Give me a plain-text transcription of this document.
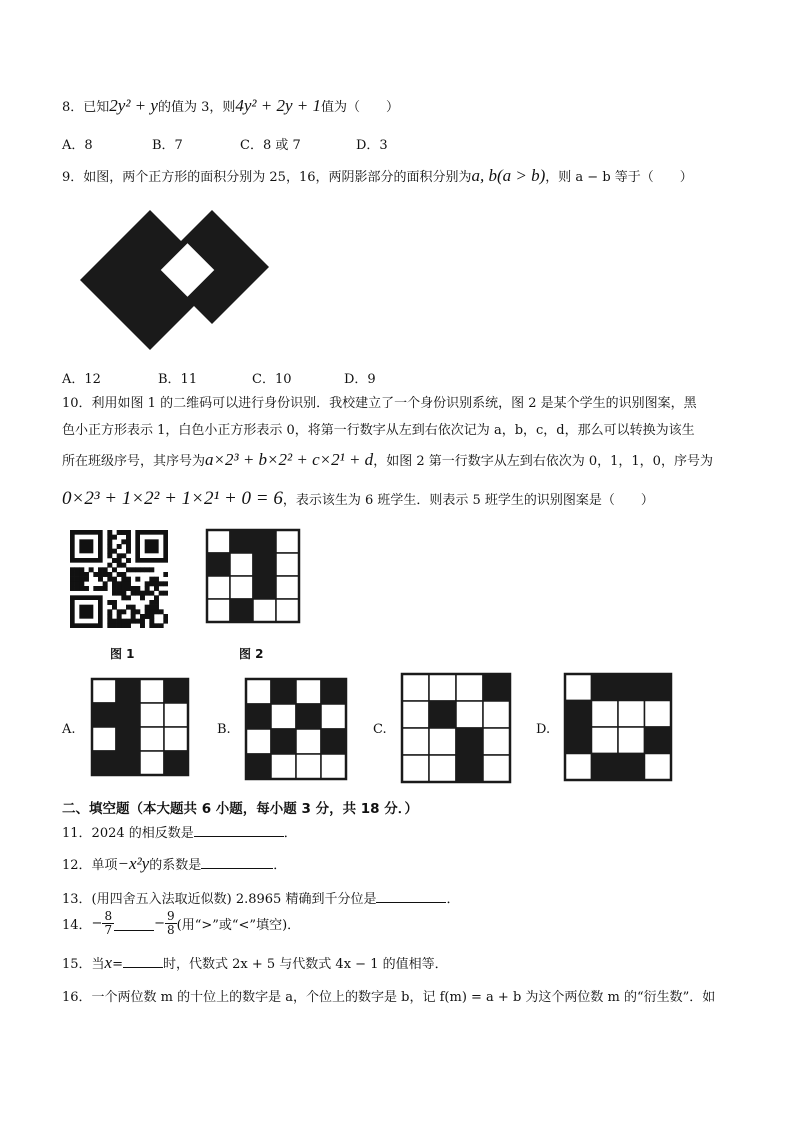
8．已知2y² + y的值为 3，则4y² + 2y + 1值为（　　）
A．8	B．7	C．8 或 7	D．3
9．如图，两个正方形的面积分别为 25，16，两阴影部分的面积分别为a, b(a > b)，则 a − b 等于（　　）
A．12	B．11	C．10	D．9
10．利用如图 1 的二维码可以进行身份识别．我校建立了一个身份识别系统，图 2 是某个学生的识别图案，黑
色小正方形表示 1，白色小正方形表示 0，将第一行数字从左到右依次记为 a，b，c，d，那么可以转换为该生
所在班级序号，其序号为a×2³ + b×2² + c×2¹ + d，如图 2 第一行数字从左到右依次为 0，1，1，0，序号为
0×2³ + 1×2² + 1×2¹ + 0 = 6，表示该生为 6 班学生．则表示 5 班学生的识别图案是（　　）
图 1	图 2
A.	B.	C.	D.
二、填空题（本大题共 6 小题，每小题 3 分，共 18 分．）
11．2024 的相反数是	．
12．单项−x²y的系数是	．
13．(用四舍五入法取近似数) 2.8965 精确到千分位是	．
14．− $\frac{8}{7}$	− $\frac{9}{8}$ (用“>”或“<”填空)．
15．当x=	时，代数式 2x + 5 与代数式 4x − 1 的值相等．
16．一个两位数 m 的十位上的数字是 a，个位上的数字是 b，记 f(m) = a + b 为这个两位数 m 的“衍生数”．如
